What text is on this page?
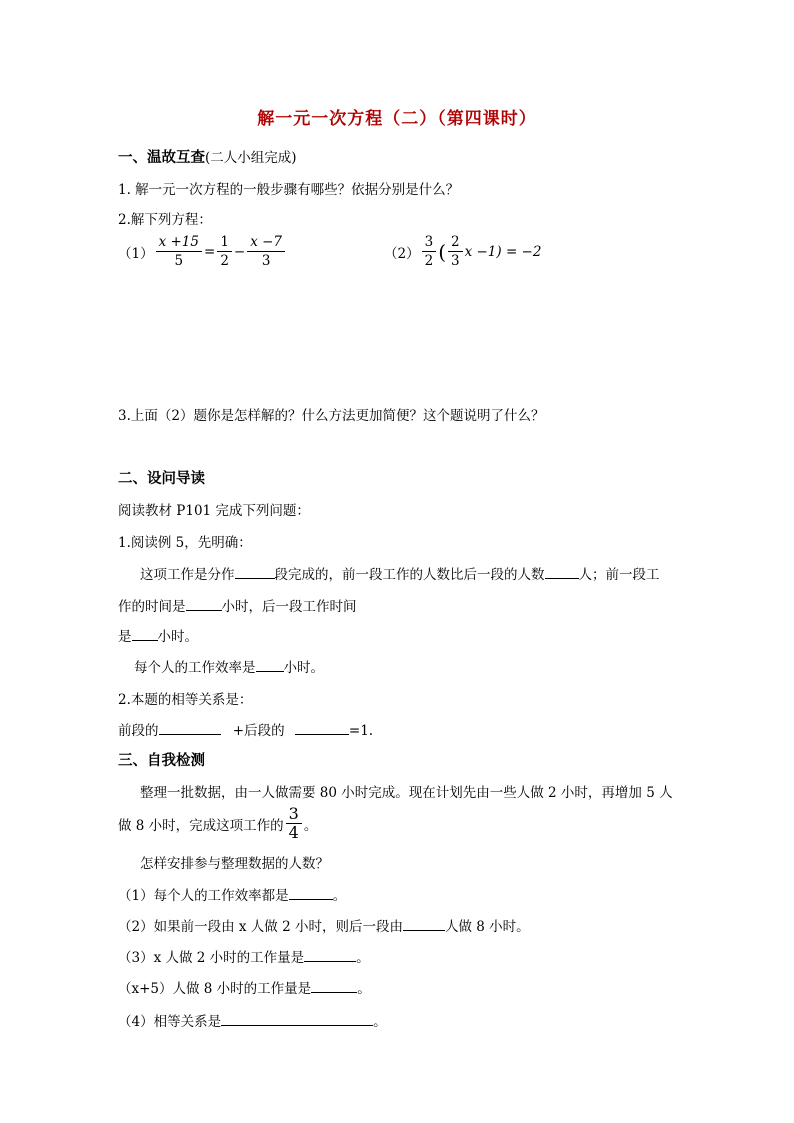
解一元一次方程（二）（第四课时）
一、温故互查(二人小组完成)
1. 解一元一次方程的一般步骤有哪些？依据分别是什么？
2.解下列方程：
$(1) \frac{x +15}{5} = \frac{1}{2} - \frac{x -7}{3}$	$(2) \frac{3}{2}$ ( $\frac{2}{3}$ x −1) = −2
3.上面（2）题你是怎样解的？什么方法更加简便？这个题说明了什么？
二、设问导读
阅读教材 P101 完成下列问题：
1.阅读例 5，先明确：
这项工作是分作	段完成的，前一段工作的人数比后一段的人数	人；前一段工
作的时间是	小时，后一段工作时间
是 小时。
每个人的工作效率是 小时。
2.本题的相等关系是：
前段的	+后段的	=1.
三、自我检测
整理一批数据，由一人做需要 80 小时完成。现在计划先由一些人做 2 小时，再增加 5 人
做 8 小时，完成这项工作的 $\frac{3}{4}$ 。
怎样安排参与整理数据的人数？
（1）每个人的工作效率都是	。
（2）如果前一段由 x 人做 2 小时，则后一段由	人做 8 小时。
（3）x 人做 2 小时的工作量是	。
（x+5）人做 8 小时的工作量是	。
（4）相等关系是	。
